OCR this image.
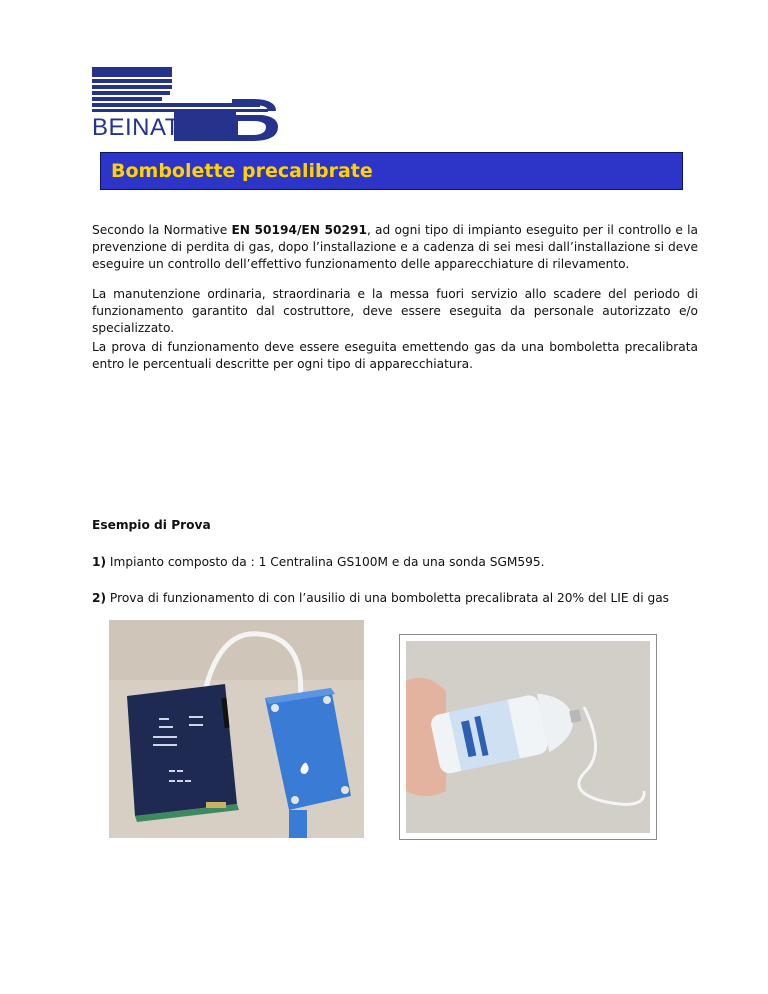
BEINAT
Bombolette precalibrate
Secondo la Normative EN 50194/EN 50291, ad ogni tipo di impianto eseguito per il controllo e la prevenzione di perdita di gas, dopo l’installazione e a cadenza di sei mesi dall’installazione si deve eseguire un controllo dell’effettivo funzionamento delle apparecchiature di rilevamento.
La manutenzione ordinaria, straordinaria e la messa fuori servizio allo scadere del periodo di funzionamento garantito dal costruttore, deve essere eseguita da personale autorizzato e/o specializzato.
La prova di funzionamento deve essere eseguita emettendo gas da una bomboletta precalibrata entro le percentuali descritte per ogni tipo di apparecchiatura.
Esempio di Prova
1) Impianto composto da : 1 Centralina GS100M e da una sonda SGM595.
2) Prova di funzionamento di con l’ausilio di una bomboletta precalibrata al 20% del LIE di gas
